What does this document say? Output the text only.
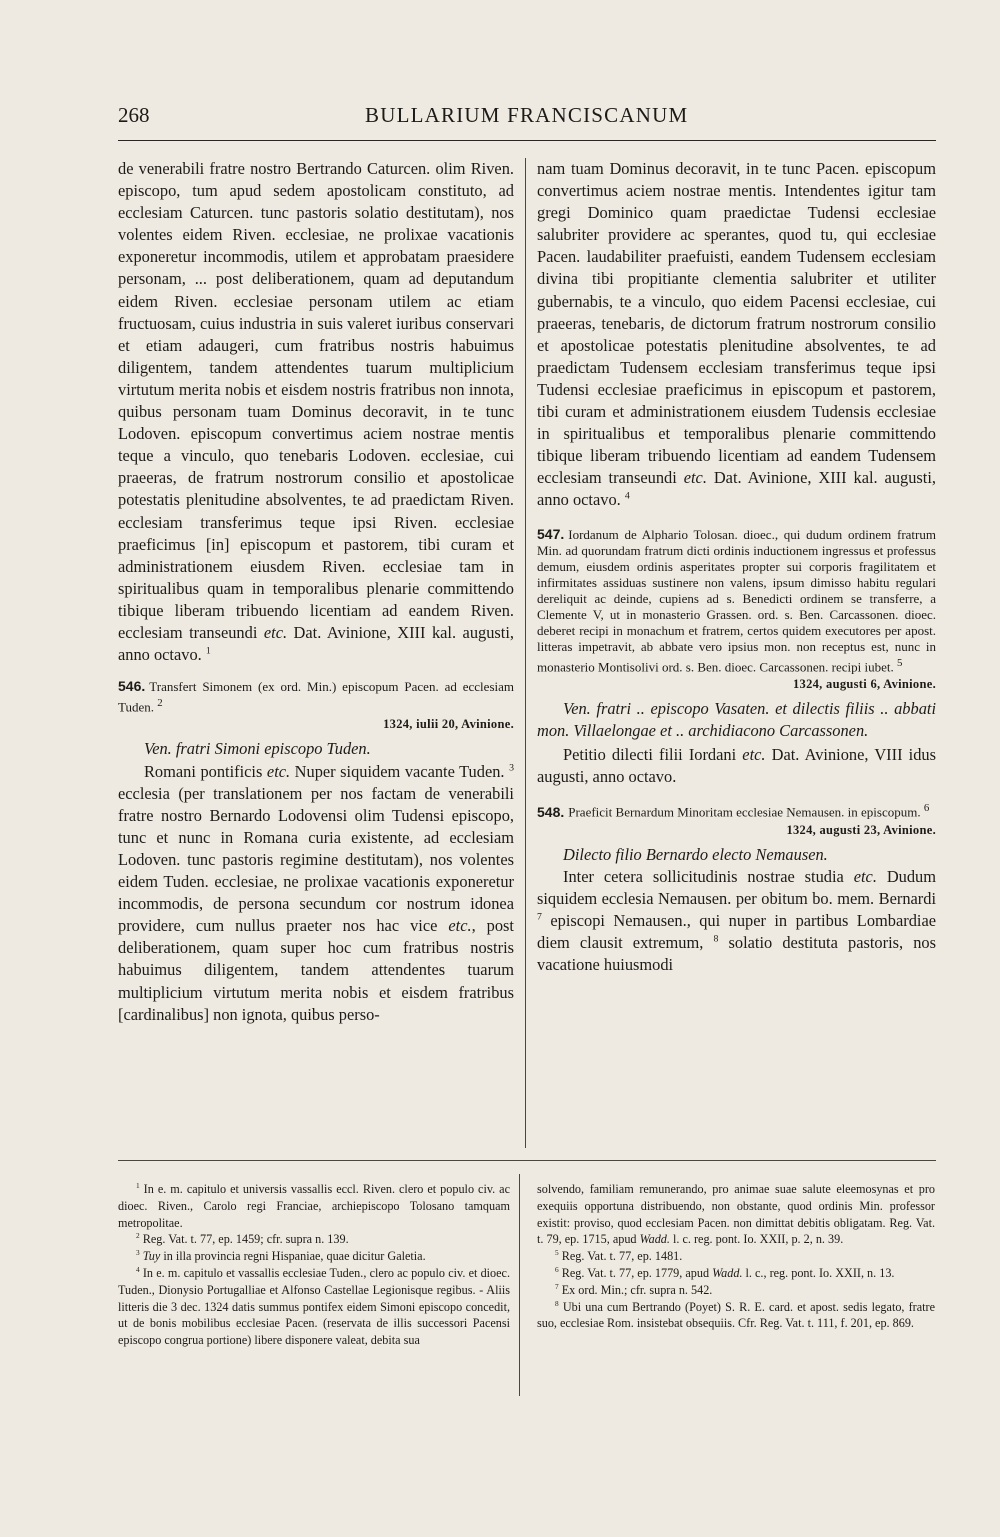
268	BULLARIUM FRANCISCANUM

de venerabili fratre nostro Bertrando Caturcen. olim Riven. episcopo, tum apud sedem apostolicam constituto, ad ecclesiam Caturcen. tunc pastoris solatio destitutam), nos volentes eidem Riven. ecclesiae, ne prolixae vacationis exponeretur incommodis, utilem et approbatam praesidere personam, ... post deliberationem, quam ad deputandum eidem Riven. ecclesiae personam utilem ac etiam fructuosam, cuius industria in suis valeret iuribus conservari et etiam adaugeri, cum fratribus nostris habuimus diligentem, tandem attendentes tuarum multiplicium virtutum merita nobis et eisdem nostris fratribus non innota, quibus personam tuam Dominus decoravit, in te tunc Lodoven. episcopum convertimus aciem nostrae mentis teque a vinculo, quo tenebaris Lodoven. ecclesiae, cui praeeras, de fratrum nostrorum consilio et apostolicae potestatis plenitudine absolventes, te ad praedictam Riven. ecclesiam transferimus teque ipsi Riven. ecclesiae praeficimus [in] episcopum et pastorem, tibi curam et administrationem eiusdem Riven. ecclesiae tam in spiritualibus quam in temporalibus plenarie committendo tibique liberam tribuendo licentiam ad eandem Riven. ecclesiam transeundi etc. Dat. Avinione, XIII kal. augusti, anno octavo. $^1$

546. Transfert Simonem (ex ord. Min.) episcopum Pacen. ad ecclesiam Tuden. $^2$
1324, iulii 20, Avinione.

Ven. fratri Simoni episcopo Tuden.

Romani pontificis etc. Nuper siquidem vacante Tuden. $^3$ ecclesia (per translationem per nos factam de venerabili fratre nostro Bernardo Lodovensi olim Tudensi episcopo, tunc et nunc in Romana curia existente, ad ecclesiam Lodoven. tunc pastoris regimine destitutam), nos volentes eidem Tuden. ecclesiae, ne prolixae vacationis exponeretur incommodis, de persona secundum cor nostrum idonea providere, cum nullus praeter nos hac vice etc., post deliberationem, quam super hoc cum fratribus nostris habuimus diligentem, tandem attendentes tuarum multiplicium virtutum merita nobis et eisdem fratribus [cardinalibus] non ignota, quibus perso-

nam tuam Dominus decoravit, in te tunc Pacen. episcopum convertimus aciem nostrae mentis. Intendentes igitur tam gregi Dominico quam praedictae Tudensi ecclesiae salubriter providere ac sperantes, quod tu, qui ecclesiae Pacen. laudabiliter praefuisti, eandem Tudensem ecclesiam divina tibi propitiante clementia salubriter et utiliter gubernabis, te a vinculo, quo eidem Pacensi ecclesiae, cui praeeras, tenebaris, de dictorum fratrum nostrorum consilio et apostolicae potestatis plenitudine absolventes, te ad praedictam Tudensem ecclesiam transferimus teque ipsi Tudensi ecclesiae praeficimus in episcopum et pastorem, tibi curam et administrationem eiusdem Tudensis ecclesiae in spiritualibus et temporalibus plenarie committendo tibique liberam tribuendo licentiam ad eandem Tudensem ecclesiam transeundi etc. Dat. Avinione, XIII kal. augusti, anno octavo. $^4$

547. Iordanum de Alphario Tolosan. dioec., qui dudum ordinem fratrum Min. ad quorundam fratrum dicti ordinis inductionem ingressus et professus demum, eiusdem ordinis asperitates propter sui corporis fragilitatem et infirmitates assiduas sustinere non valens, ipsum dimisso habitu regulari dereliquit ac deinde, cupiens ad s. Benedicti ordinem se transferre, a Clemente V, ut in monasterio Grassen. ord. s. Ben. Carcassonen. dioec. deberet recipi in monachum et fratrem, certos quidem executores per apost. litteras impetravit, ab abbate vero ipsius mon. non receptus est, nunc in monasterio Montisolivi ord. s. Ben. dioec. Carcassonen. recipi iubet. $^5$
1324, augusti 6, Avinione.

Ven. fratri .. episcopo Vasaten. et dilectis filiis .. abbati mon. Villaelongae et .. archidiacono Carcassonen.

Petitio dilecti filii Iordani etc. Dat. Avinione, VIII idus augusti, anno octavo.

548. Praeficit Bernardum Minoritam ecclesiae Nemausen. in episcopum. $^6$
1324, augusti 23, Avinione.

Dilecto filio Bernardo electo Nemausen.

Inter cetera sollicitudinis nostrae studia etc. Dudum siquidem ecclesia Nemausen. per obitum bo. mem. Bernardi $^7$ episcopi Nemausen., qui nuper in partibus Lombardiae diem clausit extremum, $^8$ solatio destituta pastoris, nos vacatione huiusmodi

$^1$ In e. m. capitulo et universis vassallis eccl. Riven. clero et populo civ. ac dioec. Riven., Carolo regi Franciae, archiepiscopo Tolosano tamquam metropolitae.

$^2$ Reg. Vat. t. 77, ep. 1459; cfr. supra n. 139.

$^3$ Tuy in illa provincia regni Hispaniae, quae dicitur Galetia.

$^4$ In e. m. capitulo et vassallis ecclesiae Tuden., clero ac populo civ. et dioec. Tuden., Dionysio Portugalliae et Alfonso Castellae Legionisque regibus. - Aliis litteris die 3 dec. 1324 datis summus pontifex eidem Simoni episcopo concedit, ut de bonis mobilibus ecclesiae Pacen. (reservata de illis successori Pacensi episcopo congrua portione) libere disponere valeat, debita sua

solvendo, familiam remunerando, pro animae suae salute eleemosynas et pro exequiis opportuna distribuendo, non obstante, quod ordinis Min. professor existit: proviso, quod ecclesiam Pacen. non dimittat debitis obligatam. Reg. Vat. t. 79, ep. 1715, apud Wadd. l. c. reg. pont. Io. XXII, p. 2, n. 39.

$^5$ Reg. Vat. t. 77, ep. 1481.

$^6$ Reg. Vat. t. 77, ep. 1779, apud Wadd. l. c., reg. pont. Io. XXII, n. 13.

$^7$ Ex ord. Min.; cfr. supra n. 542.

$^8$ Ubi una cum Bertrando (Poyet) S. R. E. card. et apost. sedis legato, fratre suo, ecclesiae Rom. insistebat obsequiis. Cfr. Reg. Vat. t. 111, f. 201, ep. 869.
